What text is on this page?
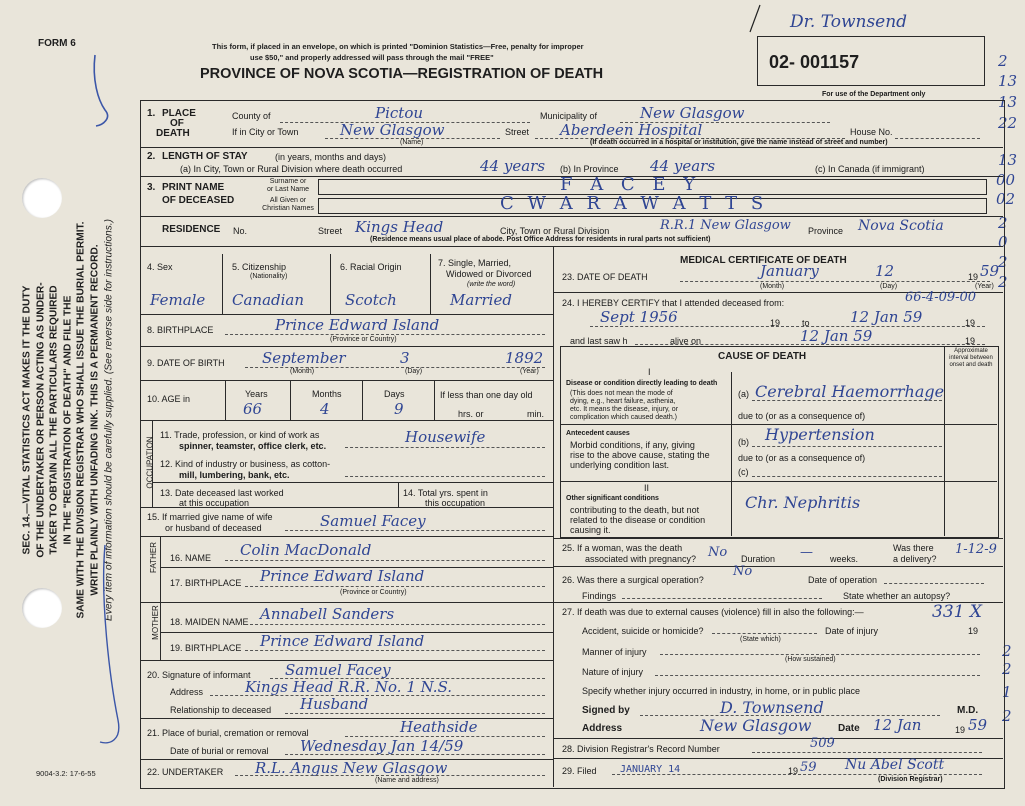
FORM 6	This form, if placed in an envelope, on which is printed "Dominion Statistics—Free, penalty for improper
use $50," and properly addressed will pass through the mail "FREE"
PROVINCE OF NOVA SCOTIA—REGISTRATION OF DEATH
02- 001157
Dr. Townsend
For use of the Department only
2
13
13
22
13
00
02
2
0
2
2
2
2
1
2
SEC. 14.—VITAL STATISTICS ACT MAKES IT THE DUTY OF THE UNDERTAKER OR PERSON ACTING AS UNDER- TAKER TO OBTAIN ALL THE PARTICULARS REQUIRED IN THE "REGISTRATION OF DEATH" AND FILE THE SAME WITH THE DIVISION REGISTRAR WHO SHALL ISSUE THE BURIAL PERMIT. WRITE PLAINLY WITH UNFADING INK. THIS IS A PERMANENT RECORD. Every item of information should be carefully supplied. (See reverse side for instructions.)
9004-3.2: 17-6-55
1. PLACE
OF
DEATH
County of	Pictou	Municipality of	New Glasgow
If in City or Town	New Glasgow	Street Aberdeen Hospital	House No.
(Name)	(If death occurred in a hospital or institution, give the name instead of street and number)
2. LENGTH OF STAY	(in years, months and days)
(a) In City, Town or Rural Division where death occurred	44 years (b) In Province 44 years	(c) In Canada (if immigrant)
3. PRINT NAME
OF DECEASED
Surname or
or Last Name
All Given or
Christian Names
F A C E Y
C W A R A W A T T S
RESIDENCE No.	Street Kings Head	City, Town or Rural Division	R.R.1 New Glasgow Province Nova Scotia
(Residence means usual place of abode. Post Office Address for residents in rural parts not sufficient)
4. Sex	5. Citizenship
(Nationality)
6. Racial Origin	7. Single, Married,
Widowed or Divorced
(write the word)
Female Canadian	Scotch	Married
8. BIRTHPLACE	Prince Edward Island
(Province or Country)
9. DATE OF BIRTH September	3	1892
(Month)	(Day)	(Year)
10. AGE in	Years	Months	Days	If less than one day old
66	4	9	hrs. or	min.
OCCUPATION
11. Trade, profession, or kind of work as
spinner, teamster, office clerk, etc.	Housewife
12. Kind of industry or business, as cotton-
mill, lumbering, bank, etc.
13. Date deceased last worked
at this occupation
14. Total yrs. spent in
this occupation
15. If married give name of wife
or husband of deceased	Samuel Facey
FATHER 16. NAME Colin MacDonald
17. BIRTHPLACE Prince Edward Island
(Province or Country)
MOTHER 18. MAIDEN NAME Annabell Sanders
19. BIRTHPLACE Prince Edward Island
20. Signature of informant Samuel Facey
Address	Kings Head R.R. No. 1 N.S.
Relationship to deceased Husband
21. Place of burial, cremation or removal	Heathside
Date of burial or removal Wednesday Jan 14/59
22. UNDERTAKER R.L. Angus New Glasgow
(Name and address)
MEDICAL CERTIFICATE OF DEATH
23. DATE OF DEATH	January	12	19 59
(Month)	(Day)	(Year)
24. I HEREBY CERTIFY that I attended deceased from:	66-4-09-00
Sept 1956	19 to	12 Jan 59	19
and last saw h	alive on	12 Jan 59	19
CAUSE OF DEATH	Approximate interval between onset and death
I
Disease or condition directly leading to death
(This does not mean the mode of
dying, e.g., heart failure, asthenia,
etc. It means the disease, injury, or
complication which caused death.)
(a) Cerebral Haemorrhage
due to (or as a consequence of)
Antecedent causes
Morbid conditions, if any, giving
rise to the above cause, stating the
underlying condition last.
(b) Hypertension
due to (or as a consequence of)
(c)
II
Other significant conditions
contributing to the death, but not
related to the disease or condition
causing it.
Chr. Nephritis
25. If a woman, was the death
associated with pregnancy? No Duration — weeks.
Was there
a delivery?
1-12-9
26. Was there a surgical operation?
No
Date of operation
Findings	State whether an autopsy?
27. If death was due to external causes (violence) fill in also the following:—	331 X
Accident, suicide or homicide?
(State which)
Date of injury	19
Manner of injury
(How sustained)
Nature of injury
Specify whether injury occurred in industry, in home, or in public place
Signed by	D. Townsend	M.D.
Address	New Glasgow	Date 12 Jan	19 59
28. Division Registrar's Record Number	509
29. Filed JANUARY 14	19 59 Nu Abel Scott
(Division Registrar)
